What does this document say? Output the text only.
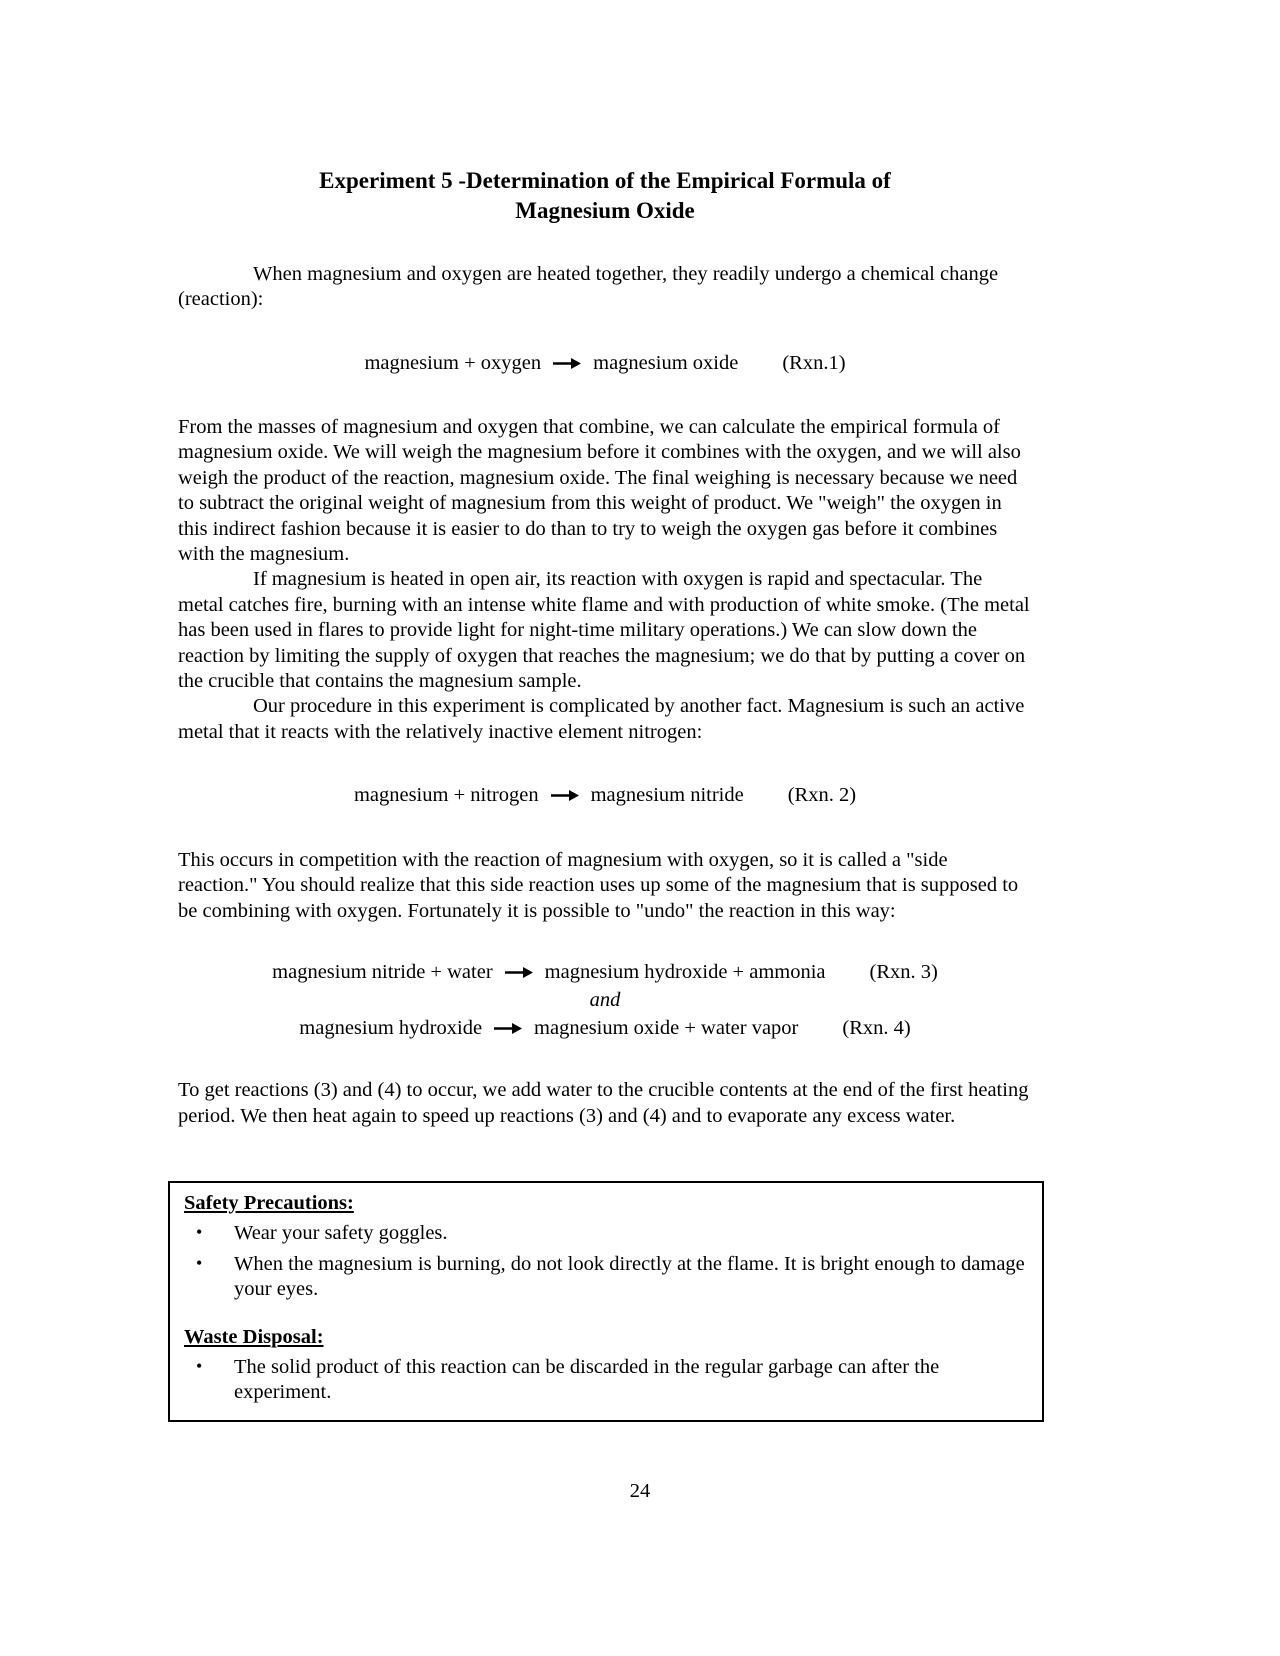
Experiment 5 -Determination of the Empirical Formula of
Magnesium Oxide

When magnesium and oxygen are heated together, they readily undergo a chemical change (reaction):

magnesium + oxygen → magnesium oxide (Rxn.1)

From the masses of magnesium and oxygen that combine, we can calculate the empirical formula of magnesium oxide. We will weigh the magnesium before it combines with the oxygen, and we will also weigh the product of the reaction, magnesium oxide. The final weighing is necessary because we need to subtract the original weight of magnesium from this weight of product. We "weigh" the oxygen in this indirect fashion because it is easier to do than to try to weigh the oxygen gas before it combines with the magnesium.

If magnesium is heated in open air, its reaction with oxygen is rapid and spectacular. The metal catches fire, burning with an intense white flame and with production of white smoke. (The metal has been used in flares to provide light for night-time military operations.) We can slow down the reaction by limiting the supply of oxygen that reaches the magnesium; we do that by putting a cover on the crucible that contains the magnesium sample.

Our procedure in this experiment is complicated by another fact. Magnesium is such an active metal that it reacts with the relatively inactive element nitrogen:

magnesium + nitrogen → magnesium nitride (Rxn. 2)

This occurs in competition with the reaction of magnesium with oxygen, so it is called a "side reaction." You should realize that this side reaction uses up some of the magnesium that is supposed to be combining with oxygen. Fortunately it is possible to "undo" the reaction in this way:

magnesium nitride + water → magnesium hydroxide + ammonia (Rxn. 3)
and
magnesium hydroxide → magnesium oxide + water vapor (Rxn. 4)

To get reactions (3) and (4) to occur, we add water to the crucible contents at the end of the first heating period. We then heat again to speed up reactions (3) and (4) and to evaporate any excess water.

Safety Precautions:
•	Wear your safety goggles.
•	When the magnesium is burning, do not look directly at the flame. It is bright enough to damage your eyes.
Waste Disposal:
•	The solid product of this reaction can be discarded in the regular garbage can after the experiment.
24
